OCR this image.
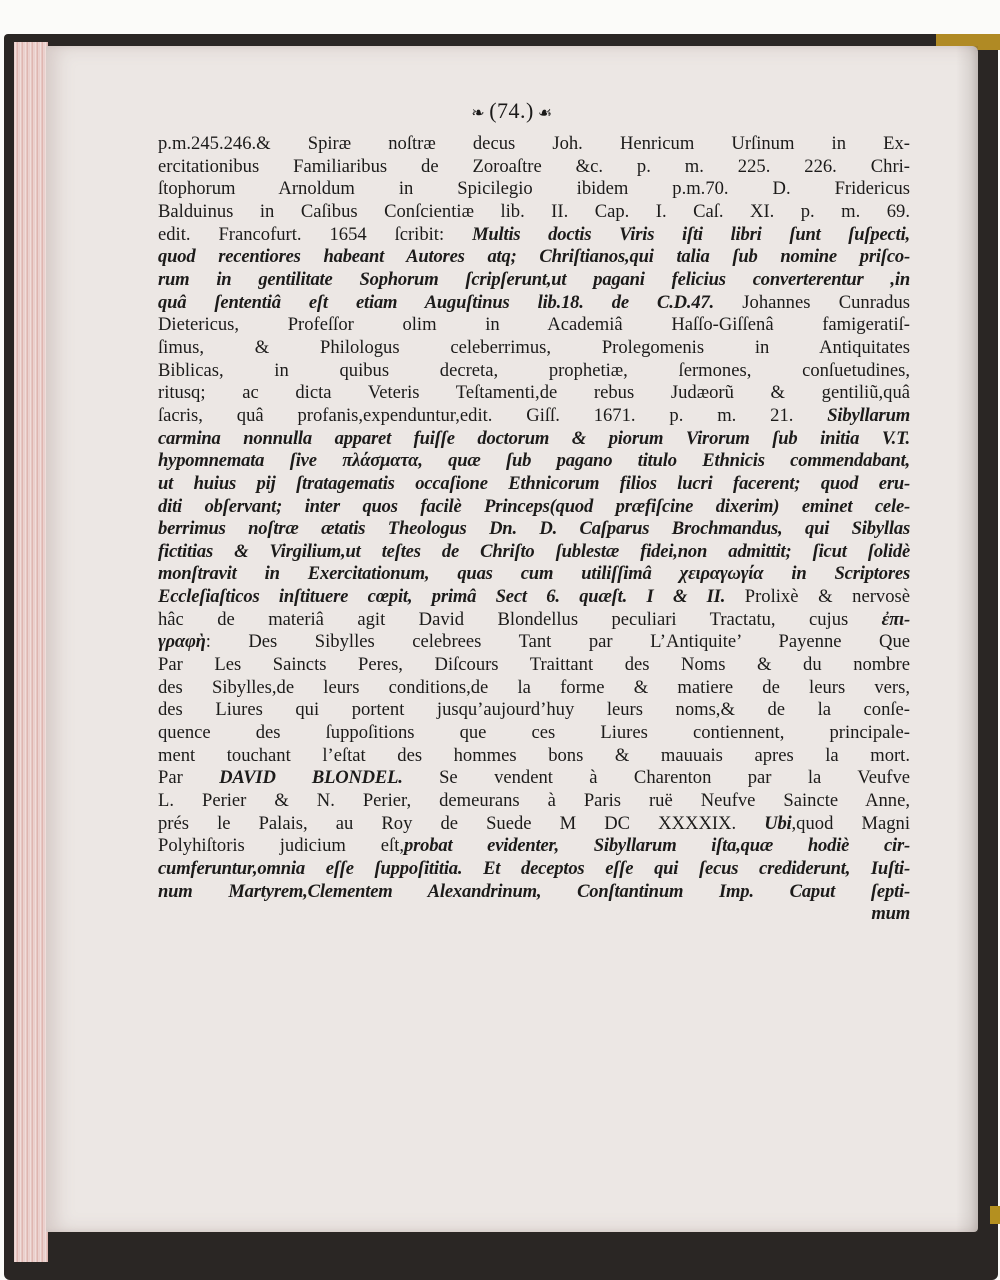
❧ (74.) ☙
p.m.245.246.& Spiræ noſtræ decus Joh. Henricum Urſinum in Ex-
ercitationibus Familiaribus de Zoroaſtre &c. p. m. 225. 226. Chri-
ſtophorum Arnoldum in Spicilegio ibidem p.m.70. D. Fridericus
Balduinus in Caſibus Conſcientiæ lib. II. Cap. I. Caſ. XI. p. m. 69.
edit. Francofurt. 1654 ſcribit: Multis doctis Viris iſti libri ſunt ſuſpecti,
quod recentiores habeant Autores atq; Chriſtianos,qui talia ſub nomine priſco-
rum in gentilitate Sophorum ſcripſerunt,ut pagani felicius converterentur ,in
quâ ſententiâ eſt etiam Auguſtinus lib.18. de C.D.47. Johannes Cunradus
Dietericus, Profeſſor olim in Academiâ Haſſo-Giſſenâ famigeratiſ-
ſimus, & Philologus celeberrimus, Prolegomenis in Antiquitates
Biblicas, in quibus decreta, prophetiæ, ſermones, conſuetudines,
ritusq; ac dicta Veteris Teſtamenti,de rebus Judæorũ & gentiliũ,quâ
ſacris, quâ profanis,expenduntur,edit. Giſſ. 1671. p. m. 21. Sibyllarum
carmina nonnulla apparet fuiſſe doctorum & piorum Virorum ſub initia V.T.
hypomnemata ſive πλάσματα, quæ ſub pagano titulo Ethnicis commendabant,
ut huius pij ſtratagematis occaſione Ethnicorum filios lucri facerent; quod eru-
diti obſervant; inter quos facilè Princeps(quod præfiſcine dixerim) eminet cele-
berrimus noſtræ ætatis Theologus Dn. D. Caſparus Brochmandus, qui Sibyllas
fictitias & Virgilium,ut teſtes de Chriſto ſublestæ fidei,non admittit; ſicut ſolidè
monſtravit in Exercitationum, quas cum utiliſſimâ χειραγωγία in Scriptores
Eccleſiaſticos inſtituere cœpit, primâ Sect 6. quæſt. I & II. Prolixè & nervosè
hâc de materiâ agit David Blondellus peculiari Tractatu, cujus ἐπι-
γραφὴ: Des Sibylles celebrees Tant par L’Antiquite’ Payenne Que
Par Les Saincts Peres, Diſcours Traittant des Noms & du nombre
des Sibylles,de leurs conditions,de la forme & matiere de leurs vers,
des Liures qui portent jusqu’aujourd’huy leurs noms,& de la conſe-
quence des ſuppoſitions que ces Liures contiennent, principale-
ment touchant l’eſtat des hommes bons & mauuais apres la mort.
Par DAVID BLONDEL. Se vendent à Charenton par la Veufve
L. Perier & N. Perier, demeurans à Paris ruë Neufve Saincte Anne,
prés le Palais, au Roy de Suede M DC XXXXIX. Ubi,quod Magni
Polyhiſtoris judicium eſt,probat evidenter, Sibyllarum iſta,quæ hodiè cir-
cumferuntur,omnia eſſe ſuppoſititia. Et deceptos eſſe qui ſecus crediderunt, Iuſti-
num Martyrem,Clementem Alexandrinum, Conſtantinum Imp. Caput ſepti-
mum
